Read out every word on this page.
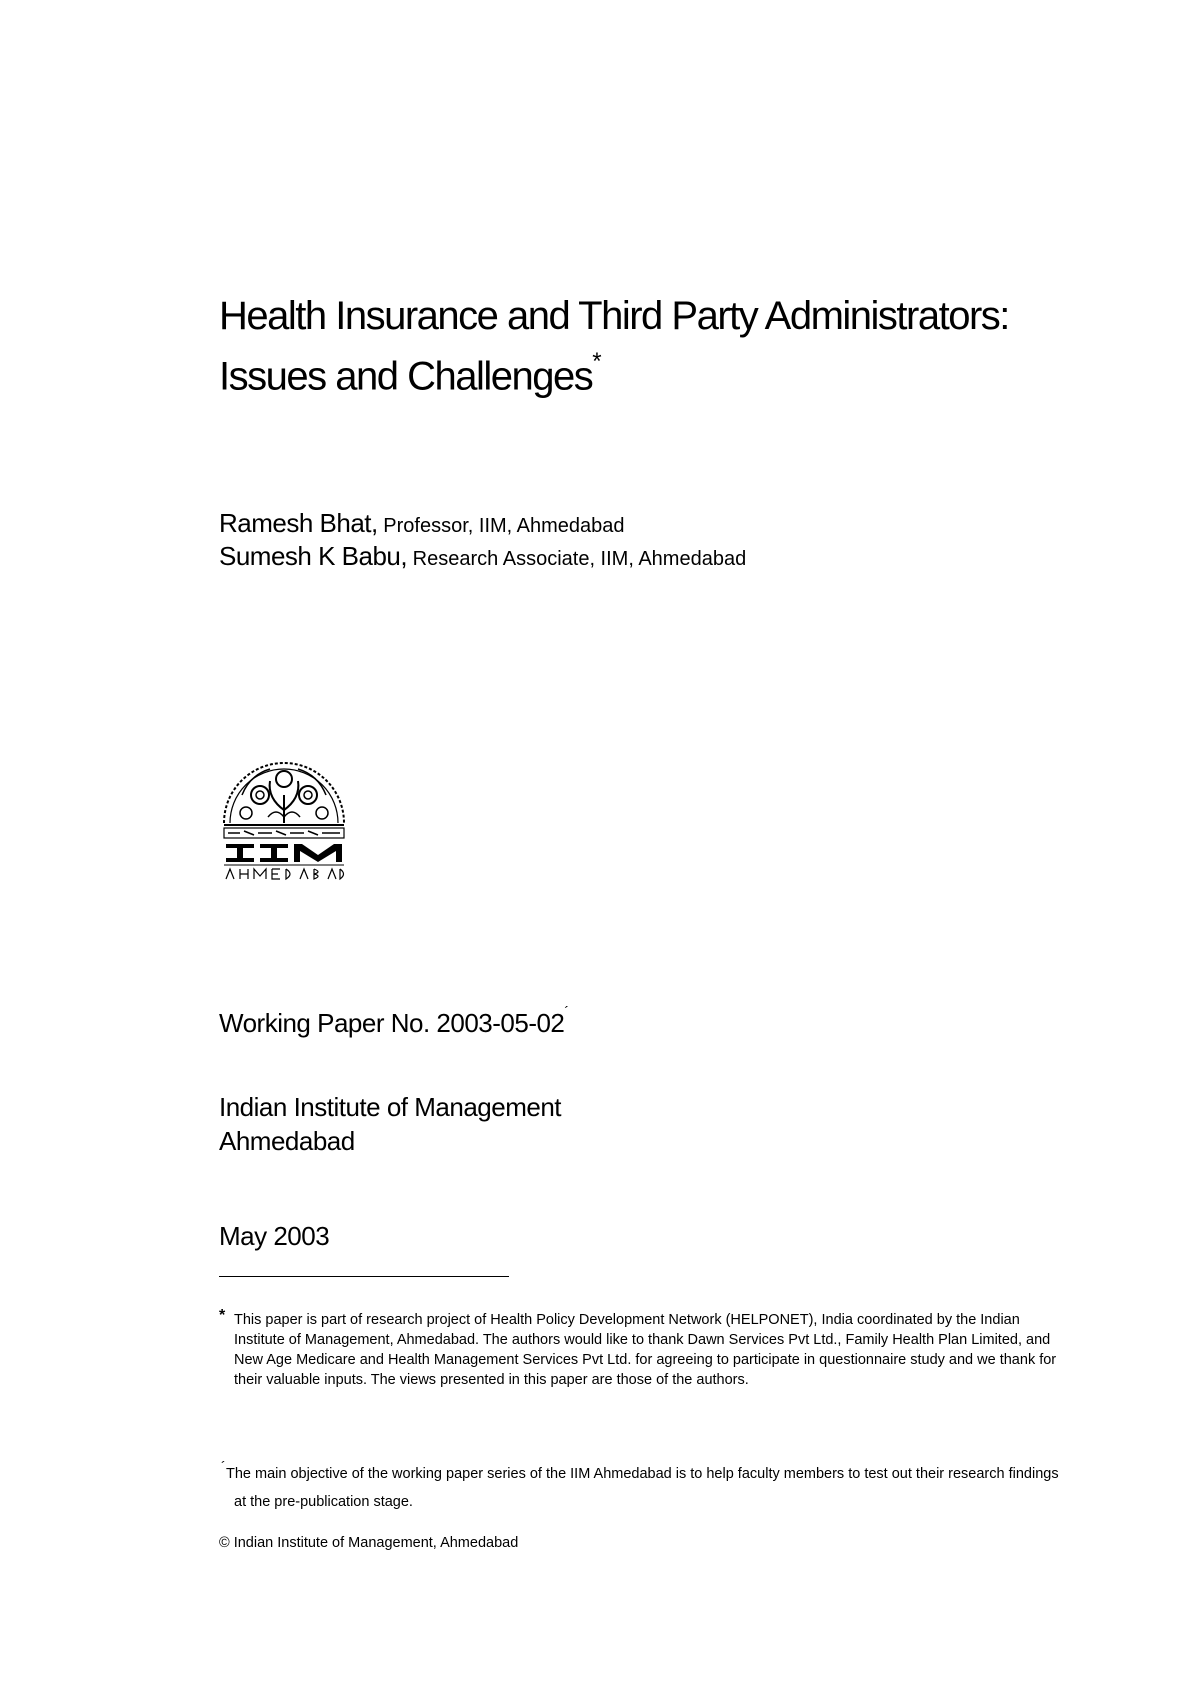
Health Insurance and Third Party Administrators:
Issues and Challenges*
Ramesh Bhat, Professor, IIM, Ahmedabad
Sumesh K Babu, Research Associate, IIM, Ahmedabad
Working Paper No. 2003-05-02´
Indian Institute of Management
Ahmedabad
May 2003
* This paper is part of research project of Health Policy Development Network (HELPONET), India coordinated by the Indian Institute of Management, Ahmedabad. The authors would like to thank Dawn Services Pvt Ltd., Family Health Plan Limited, and New Age Medicare and Health Management Services Pvt Ltd. for agreeing to participate in questionnaire study and we thank for their valuable inputs. The views presented in this paper are those of the authors.
´ The main objective of the working paper series of the IIM Ahmedabad is to help faculty members to test out their research findings at the pre-publication stage.
© Indian Institute of Management, Ahmedabad
